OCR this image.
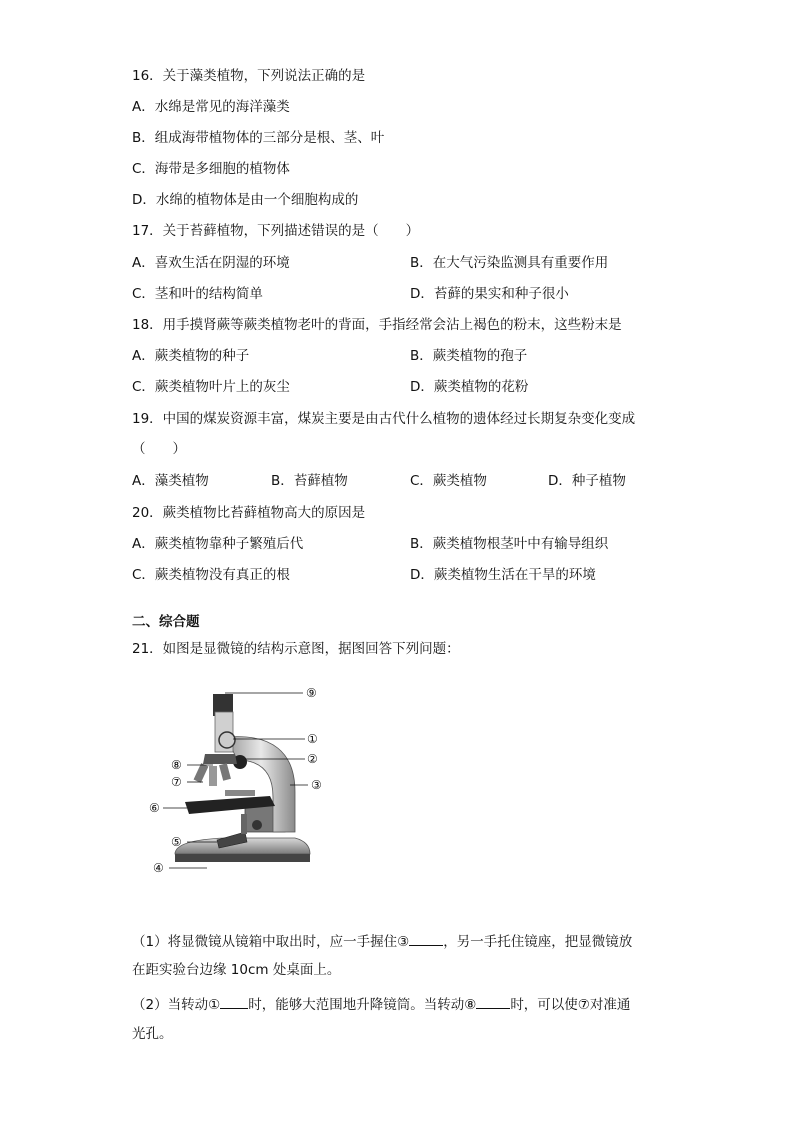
16．关于藻类植物，下列说法正确的是
A．水绵是常见的海洋藻类
B．组成海带植物体的三部分是根、茎、叶
C．海带是多细胞的植物体
D．水绵的植物体是由一个细胞构成的
17．关于苔藓植物，下列描述错误的是（　　）
A．喜欢生活在阴湿的环境	B．在大气污染监测具有重要作用
C．茎和叶的结构简单	D．苔藓的果实和种子很小
18．用手摸肾蕨等蕨类植物老叶的背面，手指经常会沾上褐色的粉末，这些粉末是
A．蕨类植物的种子	B．蕨类植物的孢子
C．蕨类植物叶片上的灰尘	D．蕨类植物的花粉
19．中国的煤炭资源丰富，煤炭主要是由古代什么植物的遗体经过长期复杂变化变成
（　　）
A．藻类植物	B．苔藓植物	C．蕨类植物	D．种子植物
20．蕨类植物比苔藓植物高大的原因是
A．蕨类植物靠种子繁殖后代	B．蕨类植物根茎叶中有输导组织
C．蕨类植物没有真正的根	D．蕨类植物生活在干旱的环境
二、综合题
21．如图是显微镜的结构示意图，据图回答下列问题：
⑨
①
②
⑧
③
⑦
⑥
⑤
④
（1）将显微镜从镜箱中取出时，应一手握住③	，另一手托住镜座，把显微镜放
在距实验台边缘 10cm 处桌面上。
（2）当转动① 时，能够大范围地升降镜筒。当转动⑧	时，可以使⑦对准通
光孔。
